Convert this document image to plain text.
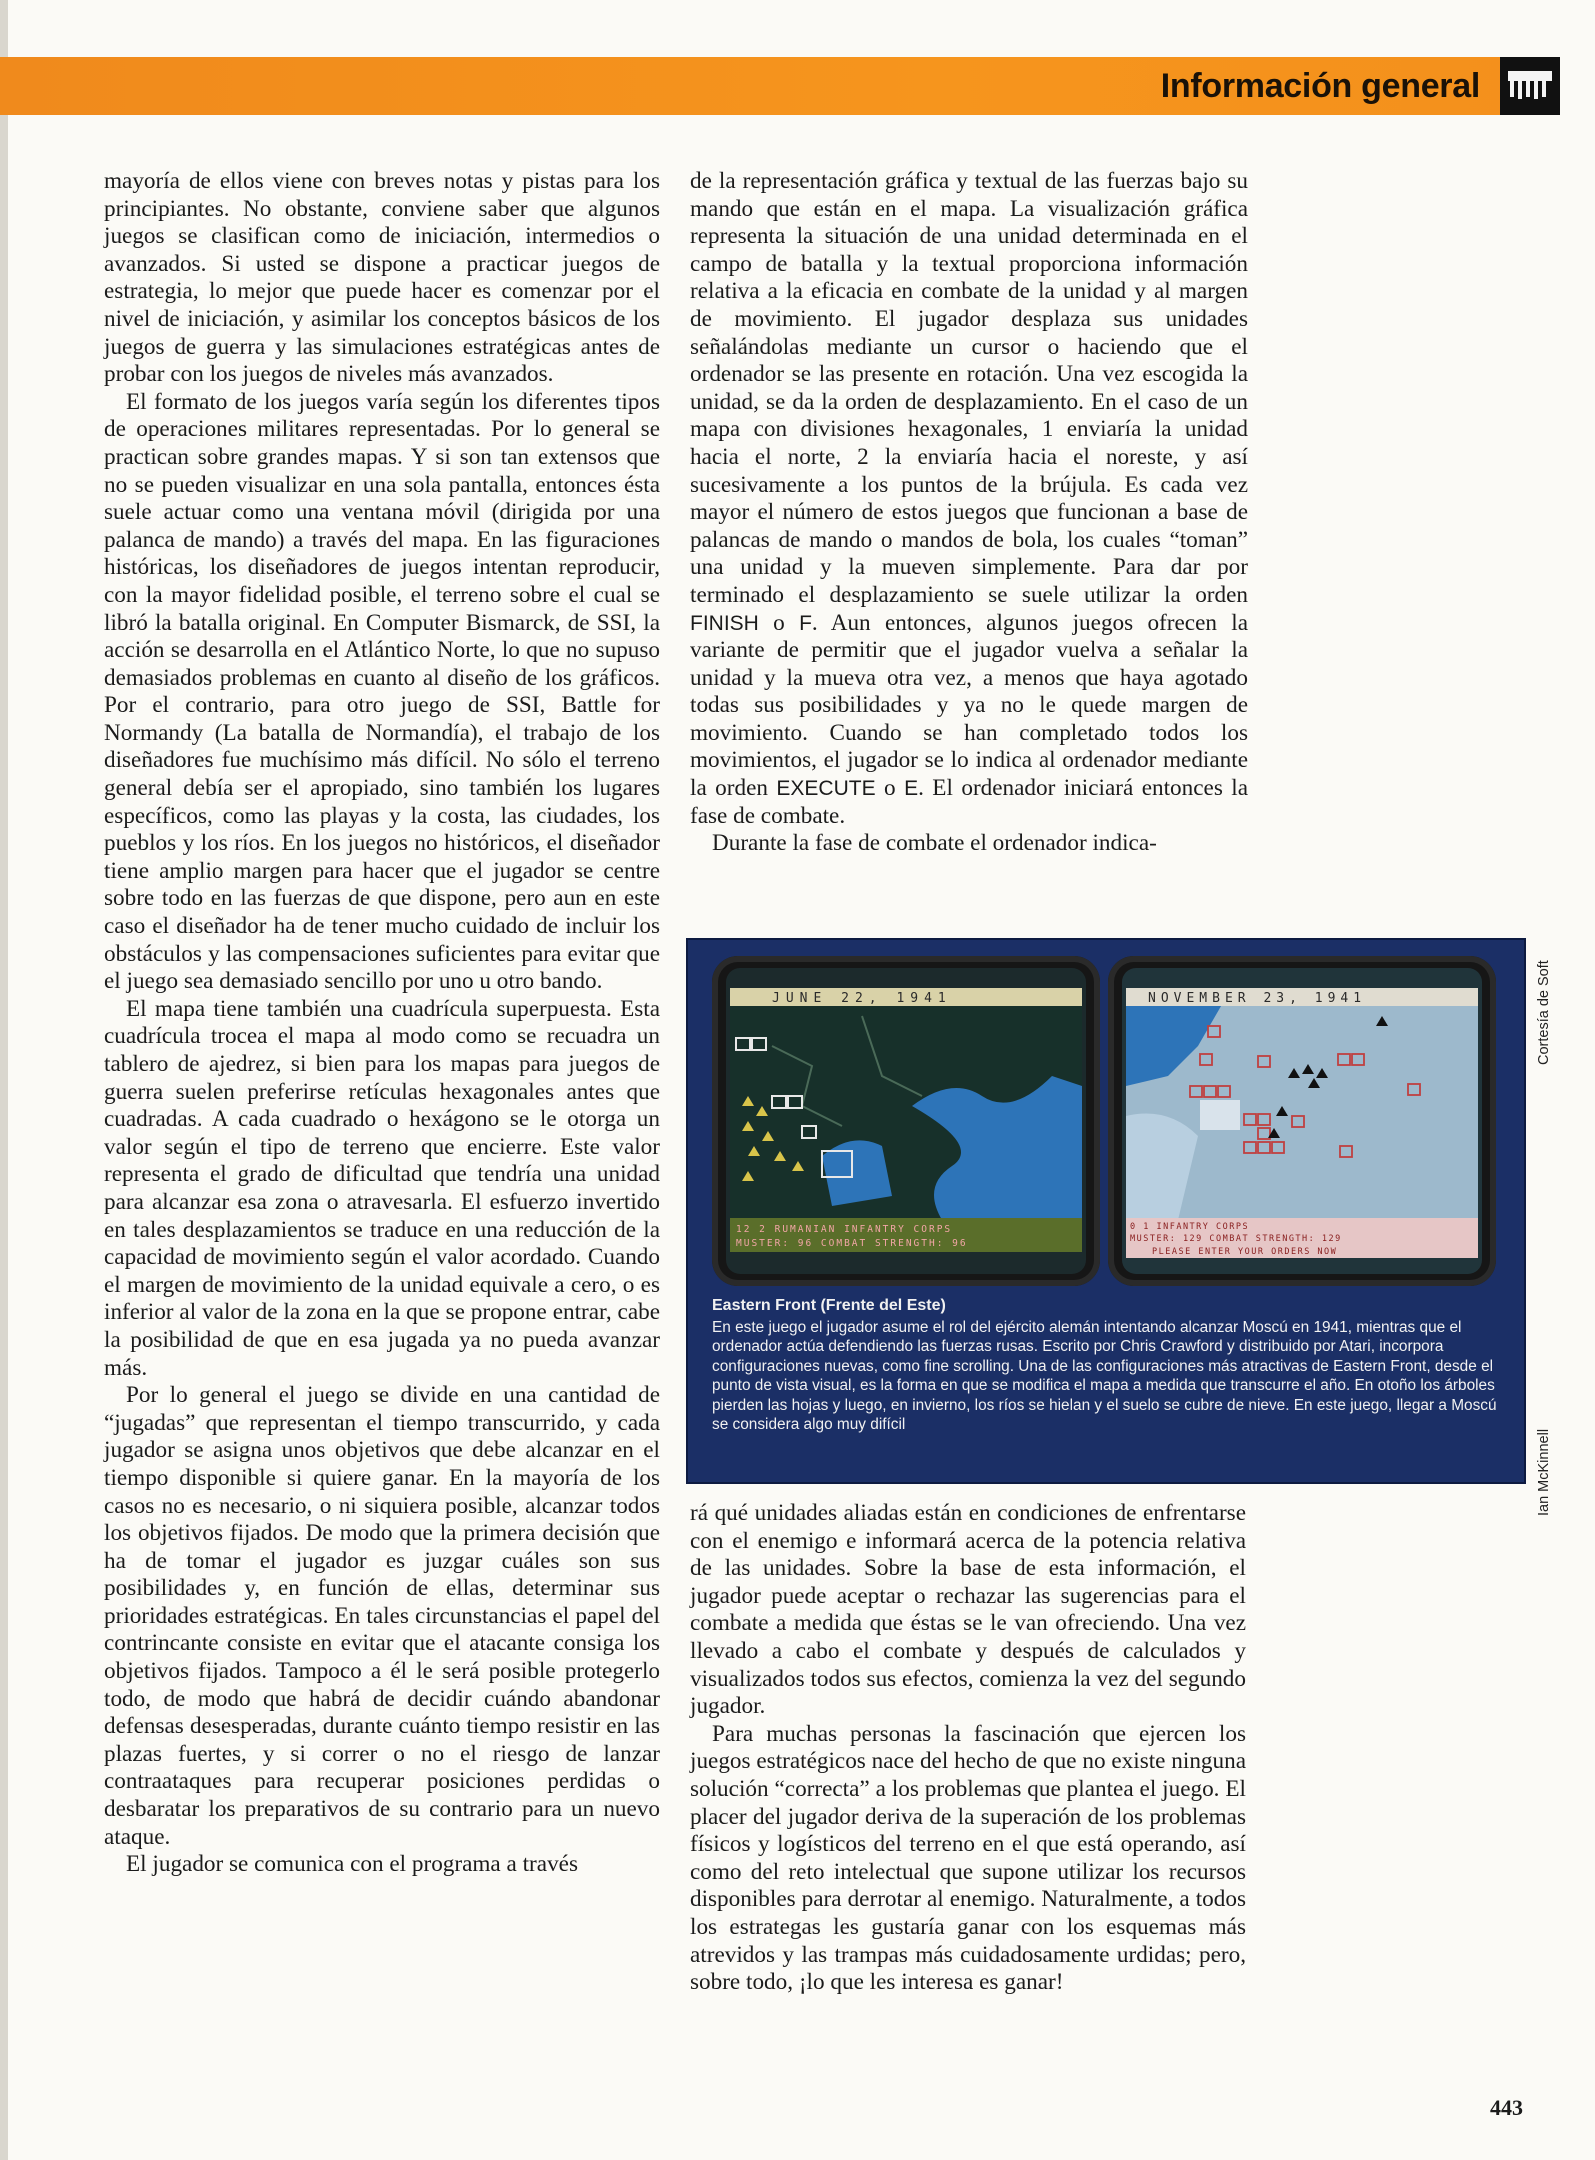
Información general

mayoría de ellos viene con breves notas y pistas para los principiantes. No obstante, conviene saber que algunos juegos se clasifican como de iniciación, intermedios o avanzados. Si usted se dispone a practicar juegos de estrategia, lo mejor que puede hacer es comenzar por el nivel de iniciación, y asimilar los conceptos básicos de los juegos de guerra y las simulaciones estratégicas antes de probar con los juegos de niveles más avanzados.

El formato de los juegos varía según los diferentes tipos de operaciones militares representadas. Por lo general se practican sobre grandes mapas. Y si son tan extensos que no se pueden visualizar en una sola pantalla, entonces ésta suele actuar como una ventana móvil (dirigida por una palanca de mando) a través del mapa. En las figuraciones históricas, los diseñadores de juegos intentan reproducir, con la mayor fidelidad posible, el terreno sobre el cual se libró la batalla original. En Computer Bismarck, de SSI, la acción se desarrolla en el Atlántico Norte, lo que no supuso demasiados problemas en cuanto al diseño de los gráficos. Por el contrario, para otro juego de SSI, Battle for Normandy (La batalla de Normandía), el trabajo de los diseñadores fue muchísimo más difícil. No sólo el terreno general debía ser el apropiado, sino también los lugares específicos, como las playas y la costa, las ciudades, los pueblos y los ríos. En los juegos no históricos, el diseñador tiene amplio margen para hacer que el jugador se centre sobre todo en las fuerzas de que dispone, pero aun en este caso el diseñador ha de tener mucho cuidado de incluir los obstáculos y las compensaciones suficientes para evitar que el juego sea demasiado sencillo por uno u otro bando.

El mapa tiene también una cuadrícula superpuesta. Esta cuadrícula trocea el mapa al modo como se recuadra un tablero de ajedrez, si bien para los mapas para juegos de guerra suelen preferirse retículas hexagonales antes que cuadradas. A cada cuadrado o hexágono se le otorga un valor según el tipo de terreno que encierre. Este valor representa el grado de dificultad que tendría una unidad para alcanzar esa zona o atravesarla. El esfuerzo invertido en tales desplazamientos se traduce en una reducción de la capacidad de movimiento según el valor acordado. Cuando el margen de movimiento de la unidad equivale a cero, o es inferior al valor de la zona en la que se propone entrar, cabe la posibilidad de que en esa jugada ya no pueda avanzar más.

Por lo general el juego se divide en una cantidad de “jugadas” que representan el tiempo transcurrido, y cada jugador se asigna unos objetivos que debe alcanzar en el tiempo disponible si quiere ganar. En la mayoría de los casos no es necesario, o ni siquiera posible, alcanzar todos los objetivos fijados. De modo que la primera decisión que ha de tomar el jugador es juzgar cuáles son sus posibilidades y, en función de ellas, determinar sus prioridades estratégicas. En tales circunstancias el papel del contrincante consiste en evitar que el atacante consiga los objetivos fijados. Tampoco a él le será posible protegerlo todo, de modo que habrá de decidir cuándo abandonar defensas desesperadas, durante cuánto tiempo resistir en las plazas fuertes, y si correr o no el riesgo de lanzar contraataques para recuperar posiciones perdidas o desbaratar los preparativos de su contrario para un nuevo ataque.

El jugador se comunica con el programa a través

de la representación gráfica y textual de las fuerzas bajo su mando que están en el mapa. La visualización gráfica representa la situación de una unidad determinada en el campo de batalla y la textual proporciona información relativa a la eficacia en combate de la unidad y al margen de movimiento. El jugador desplaza sus unidades señalándolas mediante un cursor o haciendo que el ordenador se las presente en rotación. Una vez escogida la unidad, se da la orden de desplazamiento. En el caso de un mapa con divisiones hexagonales, 1 enviaría la unidad hacia el norte, 2 la enviaría hacia el noreste, y así sucesivamente a los puntos de la brújula. Es cada vez mayor el número de estos juegos que funcionan a base de palancas de mando o mandos de bola, los cuales “toman” una unidad y la mueven simplemente. Para dar por terminado el desplazamiento se suele utilizar la orden FINISH o F. Aun entonces, algunos juegos ofrecen la variante de permitir que el jugador vuelva a señalar la unidad y la mueva otra vez, a menos que haya agotado todas sus posibilidades y ya no le quede margen de movimiento. Cuando se han completado todos los movimientos, el jugador se lo indica al ordenador mediante la orden EXECUTE o E. El ordenador iniciará entonces la fase de combate.

Durante la fase de combate el ordenador indica-

JUNE 22, 1941
12 2 RUMANIAN INFANTRY CORPS
MUSTER: 96 COMBAT STRENGTH: 96
NOVEMBER 23, 1941
0 1 INFANTRY CORPS
MUSTER: 129 COMBAT STRENGTH: 129
PLEASE ENTER YOUR ORDERS NOW
Eastern Front (Frente del Este)
En este juego el jugador asume el rol del ejército alemán intentando alcanzar Moscú en 1941, mientras que el ordenador actúa defendiendo las fuerzas rusas. Escrito por Chris Crawford y distribuido por Atari, incorpora configuraciones nuevas, como fine scrolling. Una de las configuraciones más atractivas de Eastern Front, desde el punto de vista visual, es la forma en que se modifica el mapa a medida que transcurre el año. En otoño los árboles pierden las hojas y luego, en invierno, los ríos se hielan y el suelo se cubre de nieve. En este juego, llegar a Moscú se considera algo muy difícil
Cortesía de Soft
Ian McKinnell

rá qué unidades aliadas están en condiciones de enfrentarse con el enemigo e informará acerca de la potencia relativa de las unidades. Sobre la base de esta información, el jugador puede aceptar o rechazar las sugerencias para el combate a medida que éstas se le van ofreciendo. Una vez llevado a cabo el combate y después de calculados y visualizados todos sus efectos, comienza la vez del segundo jugador.

Para muchas personas la fascinación que ejercen los juegos estratégicos nace del hecho de que no existe ninguna solución “correcta” a los problemas que plantea el juego. El placer del jugador deriva de la superación de los problemas físicos y logísticos del terreno en el que está operando, así como del reto intelectual que supone utilizar los recursos disponibles para derrotar al enemigo. Naturalmente, a todos los estrategas les gustaría ganar con los esquemas más atrevidos y las trampas más cuidadosamente urdidas; pero, sobre todo, ¡lo que les interesa es ganar!

443
